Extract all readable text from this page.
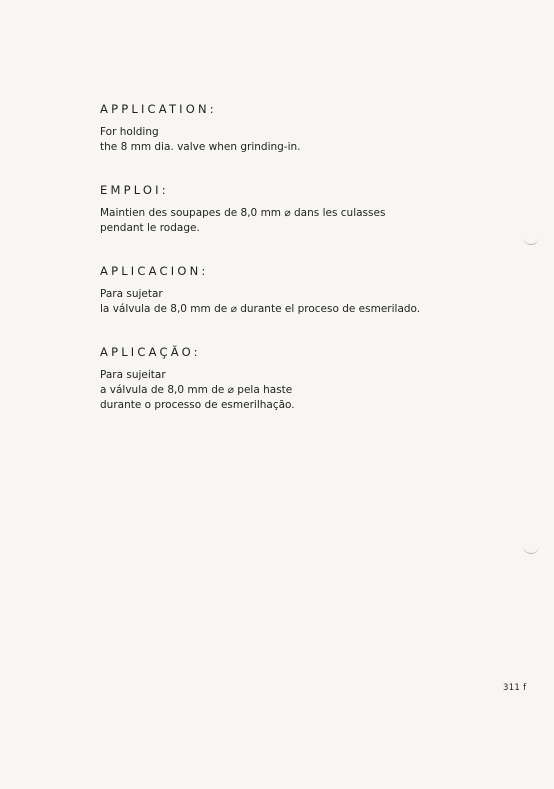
APPLICATION:
For holding
the 8 mm dia. valve when grinding-in.
EMPLOI:
Maintien des soupapes de 8,0 mm ⌀ dans les culasses
pendant le rodage.
APLICACION:
Para sujetar
la válvula de 8,0 mm de ⌀ durante el proceso de esmerilado.
APLICAÇÃO:
Para sujeitar
a válvula de 8,0 mm de ⌀ pela haste
durante o processo de esmerilhação.
311 f
